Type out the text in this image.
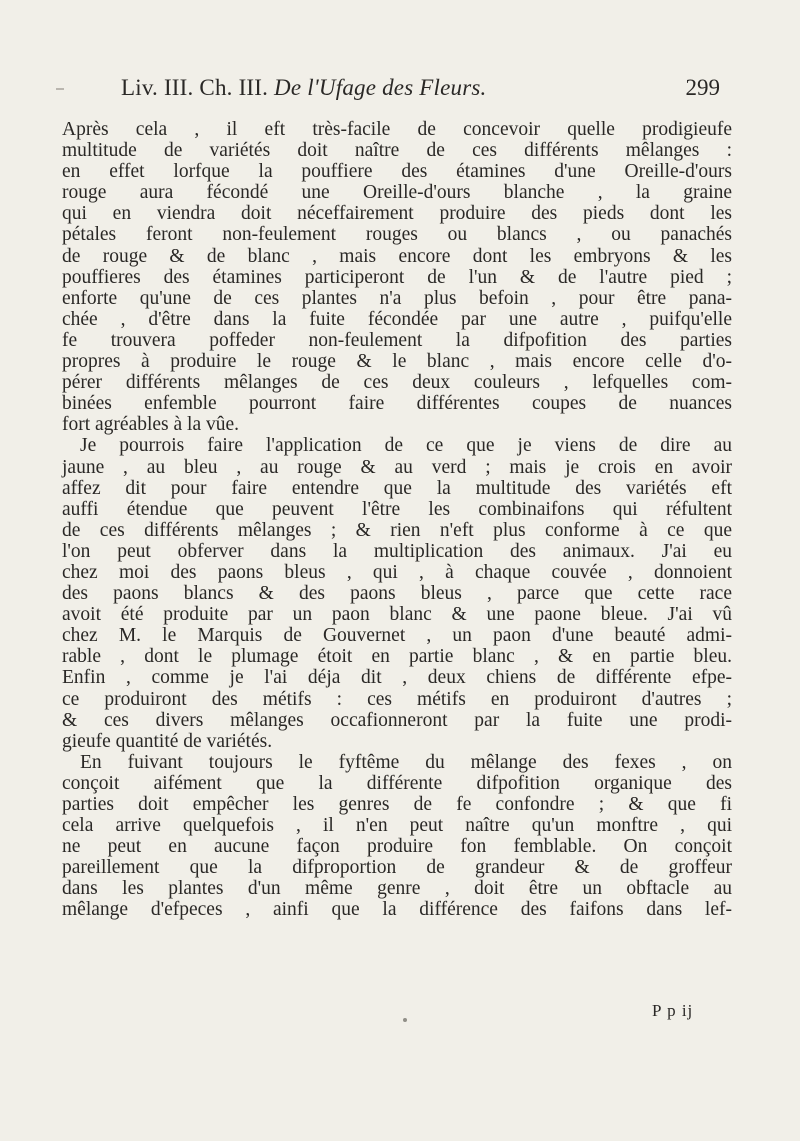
Liv. III. Ch. III. De l'Ufage des Fleurs.	299

Après cela , il eft très-facile de concevoir quelle prodigieufe

multitude de variétés doit naître de ces différents mêlanges :

en effet lorfque la pouffiere des étamines d'une Oreille-d'ours

rouge aura fécondé une Oreille-d'ours blanche , la graine

qui en viendra doit néceffairement produire des pieds dont les

pétales feront non-feulement rouges ou blancs , ou panachés

de rouge & de blanc , mais encore dont les embryons & les

pouffieres des étamines participeront de l'un & de l'autre pied ;

enforte qu'une de ces plantes n'a plus befoin , pour être pana-

chée , d'être dans la fuite fécondée par une autre , puifqu'elle

fe trouvera poffeder non-feulement la difpofition des parties

propres à produire le rouge & le blanc , mais encore celle d'o-

pérer différents mêlanges de ces deux couleurs , lefquelles com-

binées enfemble pourront faire différentes coupes de nuances

fort agréables à la vûe.

Je pourrois faire l'application de ce que je viens de dire au

jaune , au bleu , au rouge & au verd ; mais je crois en avoir

affez dit pour faire entendre que la multitude des variétés eft

auffi étendue que peuvent l'être les combinaifons qui réfultent

de ces différents mêlanges ; & rien n'eft plus conforme à ce que

l'on peut obferver dans la multiplication des animaux. J'ai eu

chez moi des paons bleus , qui , à chaque couvée , donnoient

des paons blancs & des paons bleus , parce que cette race

avoit été produite par un paon blanc & une paone bleue. J'ai vû

chez M. le Marquis de Gouvernet , un paon d'une beauté admi-

rable , dont le plumage étoit en partie blanc , & en partie bleu.

Enfin , comme je l'ai déja dit , deux chiens de différente efpe-

ce produiront des métifs : ces métifs en produiront d'autres ;

& ces divers mêlanges occafionneront par la fuite une prodi-

gieufe quantité de variétés.

En fuivant toujours le fyftême du mêlange des fexes , on

conçoit aifément que la différente difpofition organique des

parties doit empêcher les genres de fe confondre ; & que fi

cela arrive quelquefois , il n'en peut naître qu'un monftre , qui

ne peut en aucune façon produire fon femblable. On conçoit

pareillement que la difproportion de grandeur & de groffeur

dans les plantes d'un même genre , doit être un obftacle au

mêlange d'efpeces , ainfi que la différence des faifons dans lef-

P p ij
